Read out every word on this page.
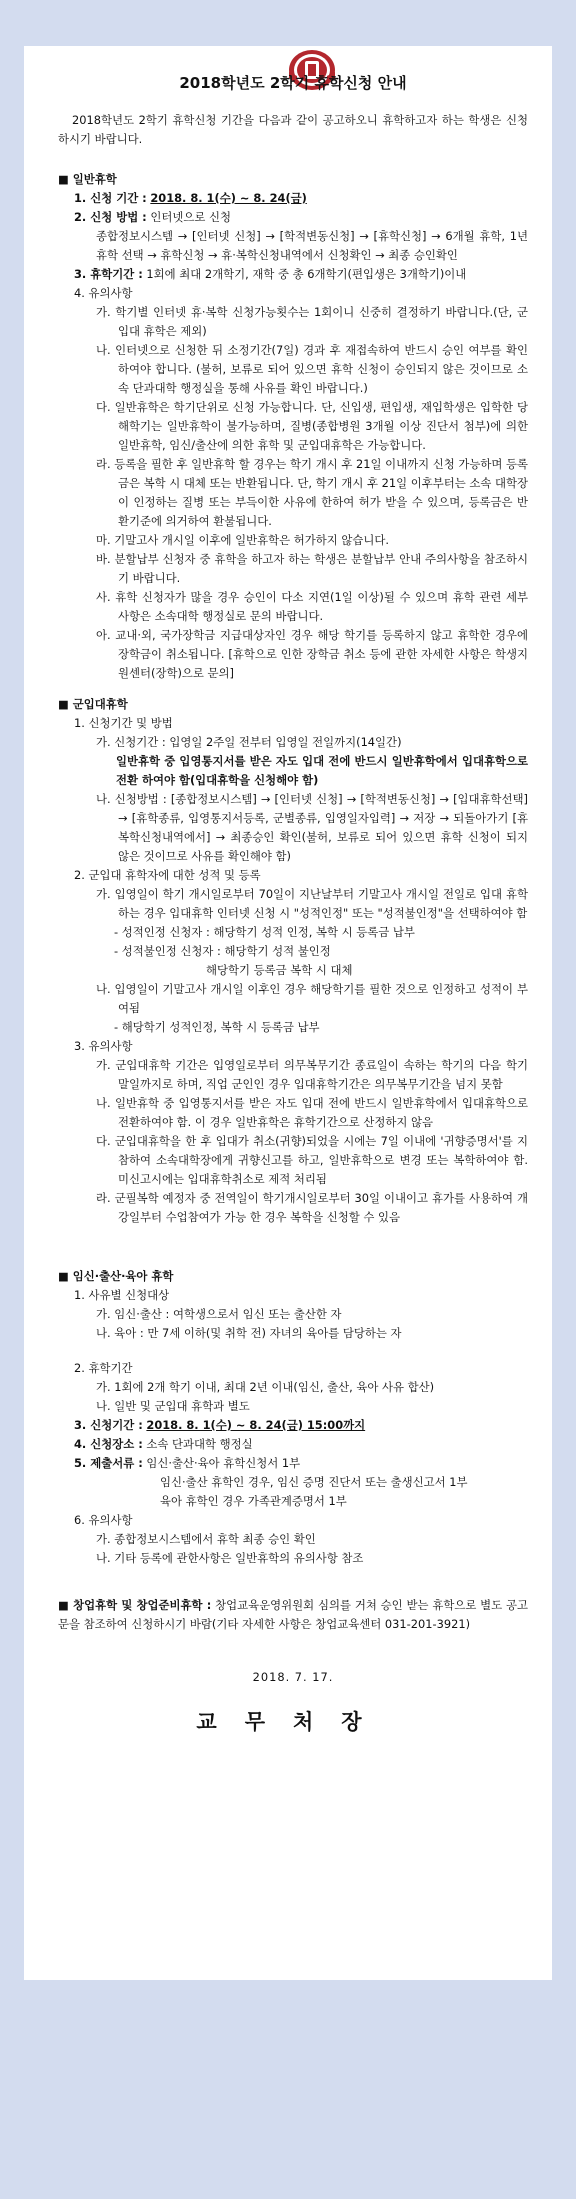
2018학년도 2학기 휴학신청 안내
2018학년도 2학기 휴학신청 기간을 다음과 같이 공고하오니 휴학하고자 하는 학생은 신청하시기 바랍니다.
■ 일반휴학
1. 신청 기간 : 2018. 8. 1(수) ~ 8. 24(금)
2. 신청 방법 : 인터넷으로 신청
종합정보시스템 → [인터넷 신청] → [학적변동신청] → [휴학신청] → 6개월 휴학, 1년 휴학 선택 → 휴학신청 → 휴·복학신청내역에서 신청확인 → 최종 승인확인
3. 휴학기간 : 1회에 최대 2개학기, 재학 중 총 6개학기(편입생은 3개학기)이내
4. 유의사항
가. 학기별 인터넷 휴·복학 신청가능횟수는 1회이니 신중히 결정하기 바랍니다.(단, 군입대 휴학은 제외)
나. 인터넷으로 신청한 뒤 소정기간(7일) 경과 후 재접속하여 반드시 승인 여부를 확인하여야 합니다. (불허, 보류로 되어 있으면 휴학 신청이 승인되지 않은 것이므로 소속 단과대학 행정실을 통해 사유를 확인 바랍니다.)
다. 일반휴학은 학기단위로 신청 가능합니다. 단, 신입생, 편입생, 재입학생은 입학한 당해학기는 일반휴학이 불가능하며, 질병(종합병원 3개월 이상 진단서 첨부)에 의한 일반휴학, 임신/출산에 의한 휴학 및 군입대휴학은 가능합니다.
라. 등록을 필한 후 일반휴학 할 경우는 학기 개시 후 21일 이내까지 신청 가능하며 등록금은 복학 시 대체 또는 반환됩니다. 단, 학기 개시 후 21일 이후부터는 소속 대학장이 인정하는 질병 또는 부득이한 사유에 한하여 허가 받을 수 있으며, 등록금은 반환기준에 의거하여 환불됩니다.
마. 기말고사 개시일 이후에 일반휴학은 허가하지 않습니다.
바. 분할납부 신청자 중 휴학을 하고자 하는 학생은 분할납부 안내 주의사항을 참조하시기 바랍니다.
사. 휴학 신청자가 많을 경우 승인이 다소 지연(1일 이상)될 수 있으며 휴학 관련 세부 사항은 소속대학 행정실로 문의 바랍니다.
아. 교내·외, 국가장학금 지급대상자인 경우 해당 학기를 등록하지 않고 휴학한 경우에 장학금이 취소됩니다. [휴학으로 인한 장학금 취소 등에 관한 자세한 사항은 학생지원센터(장학)으로 문의]
■ 군입대휴학
1. 신청기간 및 방법
가. 신청기간 : 입영일 2주일 전부터 입영일 전일까지(14일간)
일반휴학 중 입영통지서를 받은 자도 입대 전에 반드시 일반휴학에서 입대휴학으로 전환 하여야 함(입대휴학을 신청해야 함)
나. 신청방법 : [종합정보시스템] → [인터넷 신청] → [학적변동신청] → [입대휴학선택] → [휴학종류, 입영통지서등록, 군별종류, 입영일자입력] → 저장 → 되돌아가기 [휴복학신청내역에서] → 최종승인 확인(불허, 보류로 되어 있으면 휴학 신청이 되지 않은 것이므로 사유를 확인해야 함)
2. 군입대 휴학자에 대한 성적 및 등록
가. 입영일이 학기 개시일로부터 70일이 지난날부터 기말고사 개시일 전일로 입대 휴학하는 경우 입대휴학 인터넷 신청 시 "성적인정" 또는 "성적불인정"을 선택하여야 함
- 성적인정 신청자 : 해당학기 성적 인정, 복학 시 등록금 납부
- 성적불인정 신청자 : 해당학기 성적 불인정
해당학기 등록금 복학 시 대체
나. 입영일이 기말고사 개시일 이후인 경우 해당학기를 필한 것으로 인정하고 성적이 부여됨
- 해당학기 성적인정, 복학 시 등록금 납부
3. 유의사항
가. 군입대휴학 기간은 입영일로부터 의무복무기간 종료일이 속하는 학기의 다음 학기 말일까지로 하며, 직업 군인인 경우 입대휴학기간은 의무복무기간을 넘지 못함
나. 일반휴학 중 입영통지서를 받은 자도 입대 전에 반드시 일반휴학에서 입대휴학으로 전환하여야 함. 이 경우 일반휴학은 휴학기간으로 산정하지 않음
다. 군입대휴학을 한 후 입대가 취소(귀향)되었을 시에는 7일 이내에 '귀향증명서'를 지참하여 소속대학장에게 귀향신고를 하고, 일반휴학으로 변경 또는 복학하여야 함. 미신고시에는 입대휴학취소로 제적 처리됨
라. 군필복학 예정자 중 전역일이 학기개시일로부터 30일 이내이고 휴가를 사용하여 개강일부터 수업참여가 가능 한 경우 복학을 신청할 수 있음
■ 임신·출산·육아 휴학
1. 사유별 신청대상
가. 임신·출산 : 여학생으로서 임신 또는 출산한 자
나. 육아 : 만 7세 이하(및 취학 전) 자녀의 육아를 담당하는 자
2. 휴학기간
가. 1회에 2개 학기 이내, 최대 2년 이내(임신, 출산, 육아 사유 합산)
나. 일반 및 군입대 휴학과 별도
3. 신청기간 : 2018. 8. 1(수) ~ 8. 24(금) 15:00까지
4. 신청장소 : 소속 단과대학 행정실
5. 제출서류 : 임신·출산·육아 휴학신청서 1부
임신·출산 휴학인 경우, 임신 증명 진단서 또는 출생신고서 1부
육아 휴학인 경우 가족관계증명서 1부
6. 유의사항
가. 종합정보시스템에서 휴학 최종 승인 확인
나. 기타 등록에 관한사항은 일반휴학의 유의사항 참조
■ 창업휴학 및 창업준비휴학 : 창업교육운영위원회 심의를 거쳐 승인 받는 휴학으로 별도 공고문을 참조하여 신청하시기 바람(기타 자세한 사항은 창업교육센터 031-201-3921)
2018. 7. 17.
교무처장
